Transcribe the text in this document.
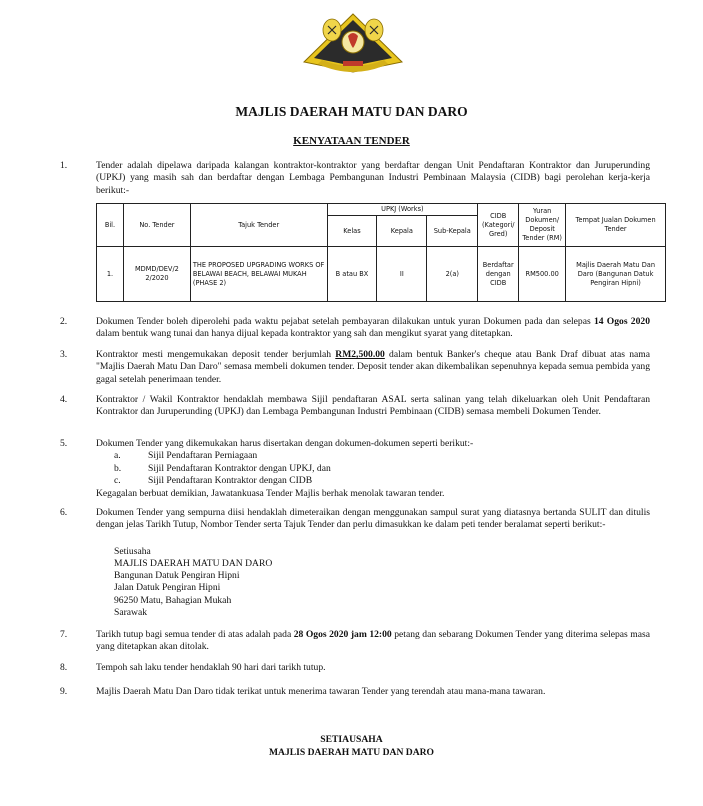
MAJLIS DAERAH MATU DAN DARO
KENYATAAN TENDER
1.	Tender adalah dipelawa daripada kalangan kontraktor-kontraktor yang berdaftar dengan Unit Pendaftaran Kontraktor dan Juruperunding (UPKJ) yang masih sah dan berdaftar dengan Lembaga Pembangunan Industri Pembinaan Malaysia (CIDB) bagi perolehan kerja-kerja berikut:-

Bil.	No. Tender	Tajuk Tender	UPKJ (Works)			CIDB (Kategori/ Gred)	Yuran Dokumen/ Deposit Tender (RM)	Tempat Jualan Dokumen Tender
			Kelas	Kepala	Sub-Kepala			
1.	MDMD/DEV/2 2/2020	THE PROPOSED UPGRADING WORKS OF BELAWAI BEACH, BELAWAI MUKAH (PHASE 2)	B atau BX	II	2(a)	Berdaftar dengan CIDB	RM500.00	Majlis Daerah Matu Dan Daro (Bangunan Datuk Pengiran Hipni)
2.	Dokumen Tender boleh diperolehi pada waktu pejabat setelah pembayaran dilakukan untuk yuran Dokumen pada dan selepas 14 Ogos 2020 dalam bentuk wang tunai dan hanya dijual kepada kontraktor yang sah dan mengikut syarat yang ditetapkan.

3.	Kontraktor mesti mengemukakan deposit tender berjumlah RM2,500.00 dalam bentuk Banker's cheque atau Bank Draf dibuat atas nama "Majlis Daerah Matu Dan Daro" semasa membeli dokumen tender. Deposit tender akan dikembalikan sepenuhnya kepada semua pembida yang gagal setelah penerimaan tender.

4.	Kontraktor / Wakil Kontraktor hendaklah membawa Sijil pendaftaran ASAL serta salinan yang telah dikeluarkan oleh Unit Pendaftaran Kontraktor dan Juruperunding (UPKJ) dan Lembaga Pembangunan Industri Pembinaan (CIDB) semasa membeli Dokumen Tender.

5.	Dokumen Tender yang dikemukakan harus disertakan dengan dokumen-dokumen seperti berikut:-

a.	Sijil Pendaftaran Perniagaan
b.	Sijil Pendaftaran Kontraktor dengan UPKJ, dan
c.	Sijil Pendaftaran Kontraktor dengan CIDB

Kegagalan berbuat demikian, Jawatankuasa Tender Majlis berhak menolak tawaran tender.

6.	Dokumen Tender yang sempurna diisi hendaklah dimeteraikan dengan menggunakan sampul surat yang diatasnya bertanda SULIT dan ditulis dengan jelas Tarikh Tutup, Nombor Tender serta Tajuk Tender dan perlu dimasukkan ke dalam peti tender beralamat seperti berikut:-

Setiusaha
MAJLIS DAERAH MATU DAN DARO
Bangunan Datuk Pengiran Hipni
Jalan Datuk Pengiran Hipni
96250 Matu, Bahagian Mukah
Sarawak
7.	Tarikh tutup bagi semua tender di atas adalah pada 28 Ogos 2020 jam 12:00 petang dan sebarang Dokumen Tender yang diterima selepas masa yang ditetapkan akan ditolak.

8.	Tempoh sah laku tender hendaklah 90 hari dari tarikh tutup.

9.	Majlis Daerah Matu Dan Daro tidak terikat untuk menerima tawaran Tender yang terendah atau mana-mana tawaran.

SETIAUSAHA
MAJLIS DAERAH MATU DAN DARO
